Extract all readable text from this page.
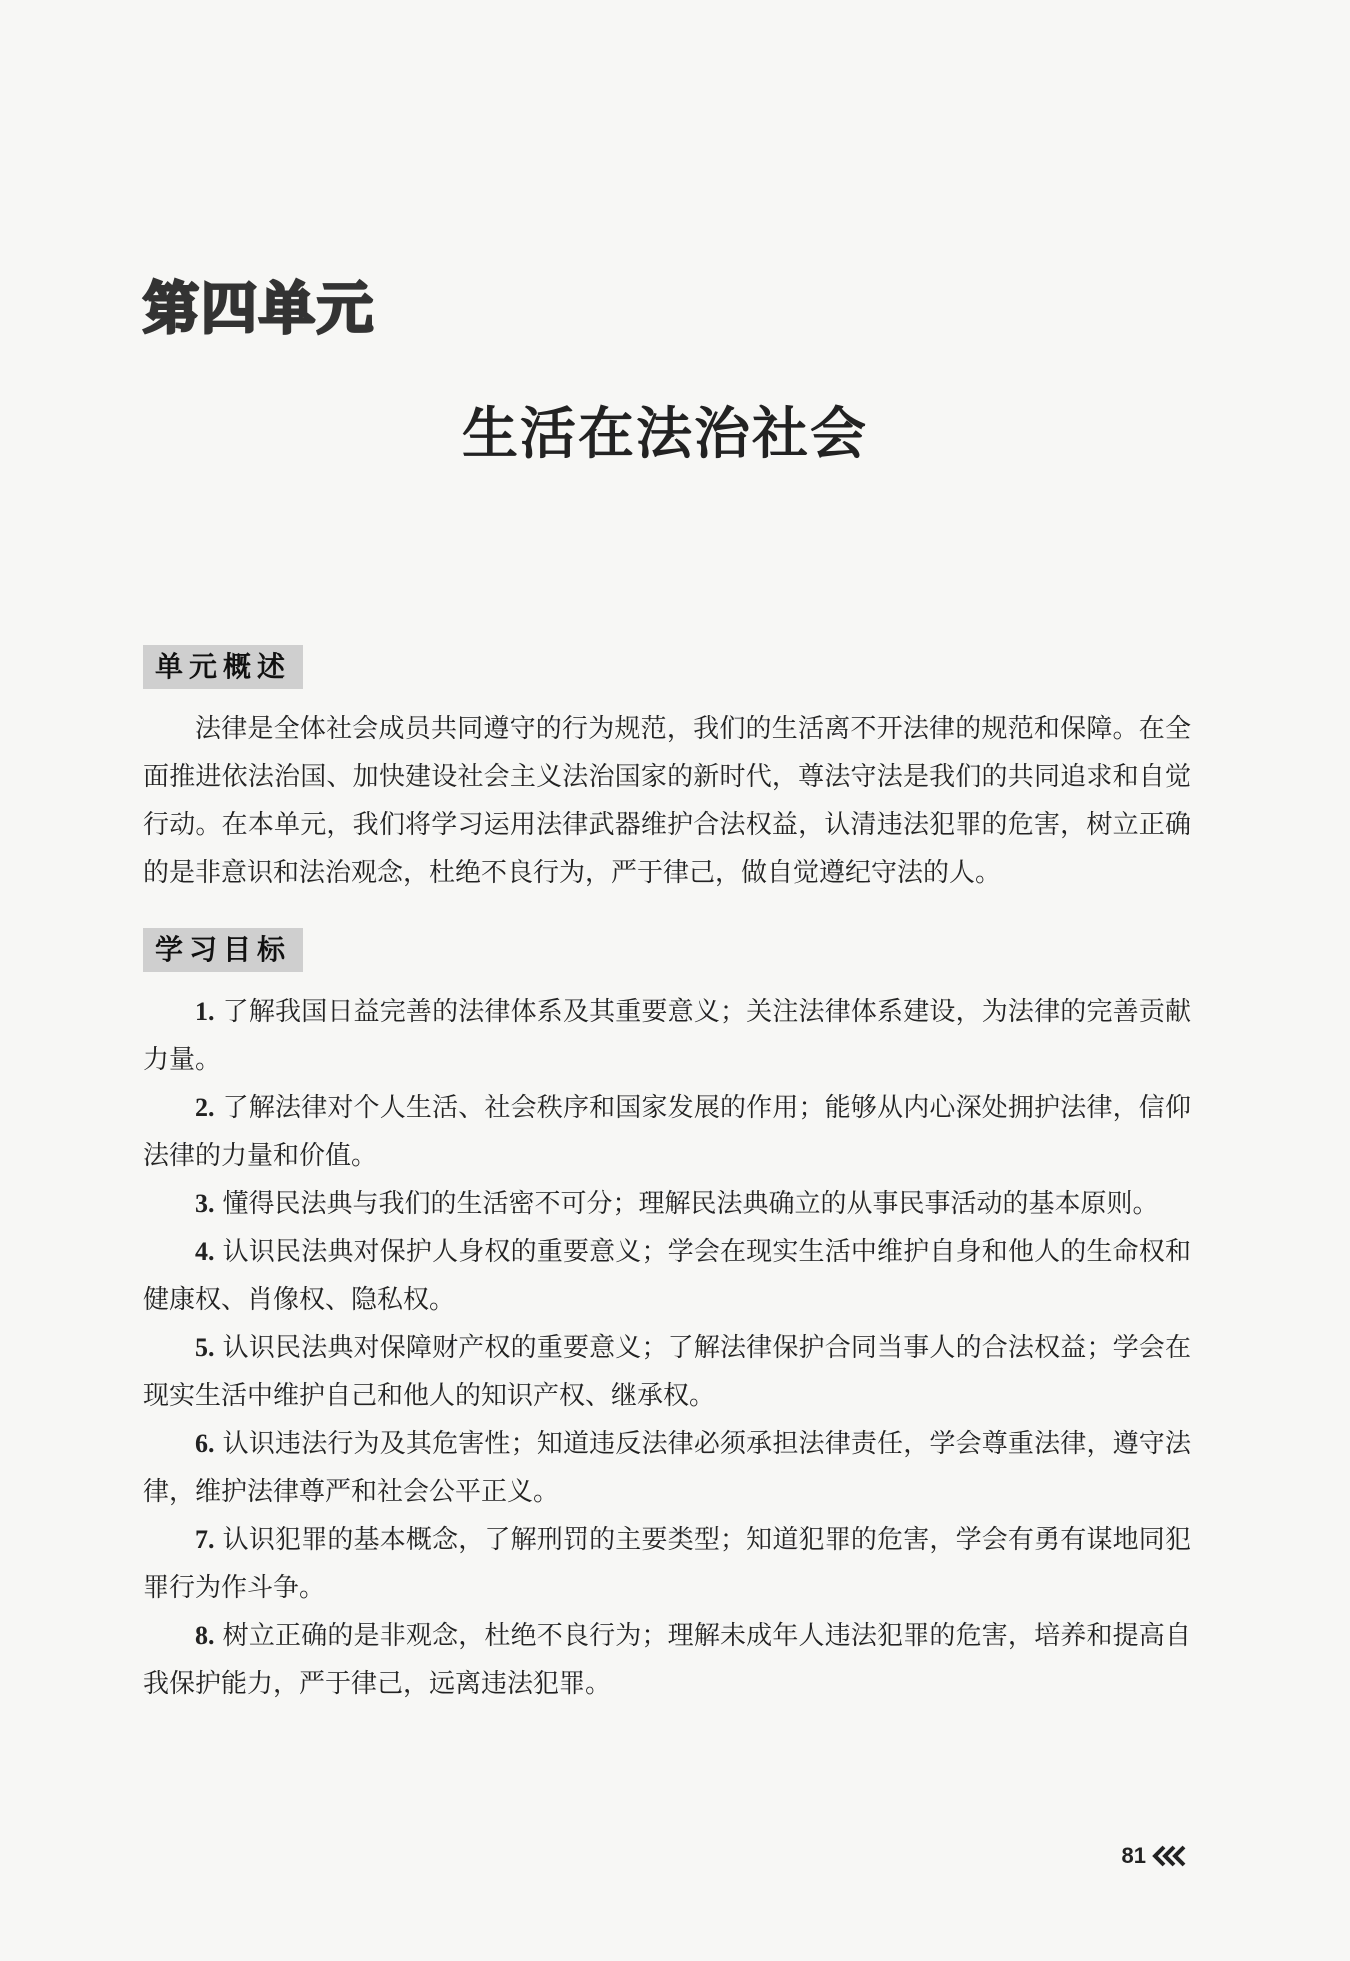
第四单元
生活在法治社会
单元概述

法律是全体社会成员共同遵守的行为规范，我们的生活离不开法律的规范和保障。在全面推进依法治国、加快建设社会主义法治国家的新时代，尊法守法是我们的共同追求和自觉行动。在本单元，我们将学习运用法律武器维护合法权益，认清违法犯罪的危害，树立正确的是非意识和法治观念，杜绝不良行为，严于律己，做自觉遵纪守法的人。

学习目标
1. 了解我国日益完善的法律体系及其重要意义；关注法律体系建设，为法律的完善贡献力量。
2. 了解法律对个人生活、社会秩序和国家发展的作用；能够从内心深处拥护法律，信仰法律的力量和价值。
3. 懂得民法典与我们的生活密不可分；理解民法典确立的从事民事活动的基本原则。
4. 认识民法典对保护人身权的重要意义；学会在现实生活中维护自身和他人的生命权和健康权、肖像权、隐私权。
5. 认识民法典对保障财产权的重要意义；了解法律保护合同当事人的合法权益；学会在现实生活中维护自己和他人的知识产权、继承权。
6. 认识违法行为及其危害性；知道违反法律必须承担法律责任，学会尊重法律，遵守法律，维护法律尊严和社会公平正义。
7. 认识犯罪的基本概念，了解刑罚的主要类型；知道犯罪的危害，学会有勇有谋地同犯罪行为作斗争。
8. 树立正确的是非观念，杜绝不良行为；理解未成年人违法犯罪的危害，培养和提高自我保护能力，严于律己，远离违法犯罪。
81
